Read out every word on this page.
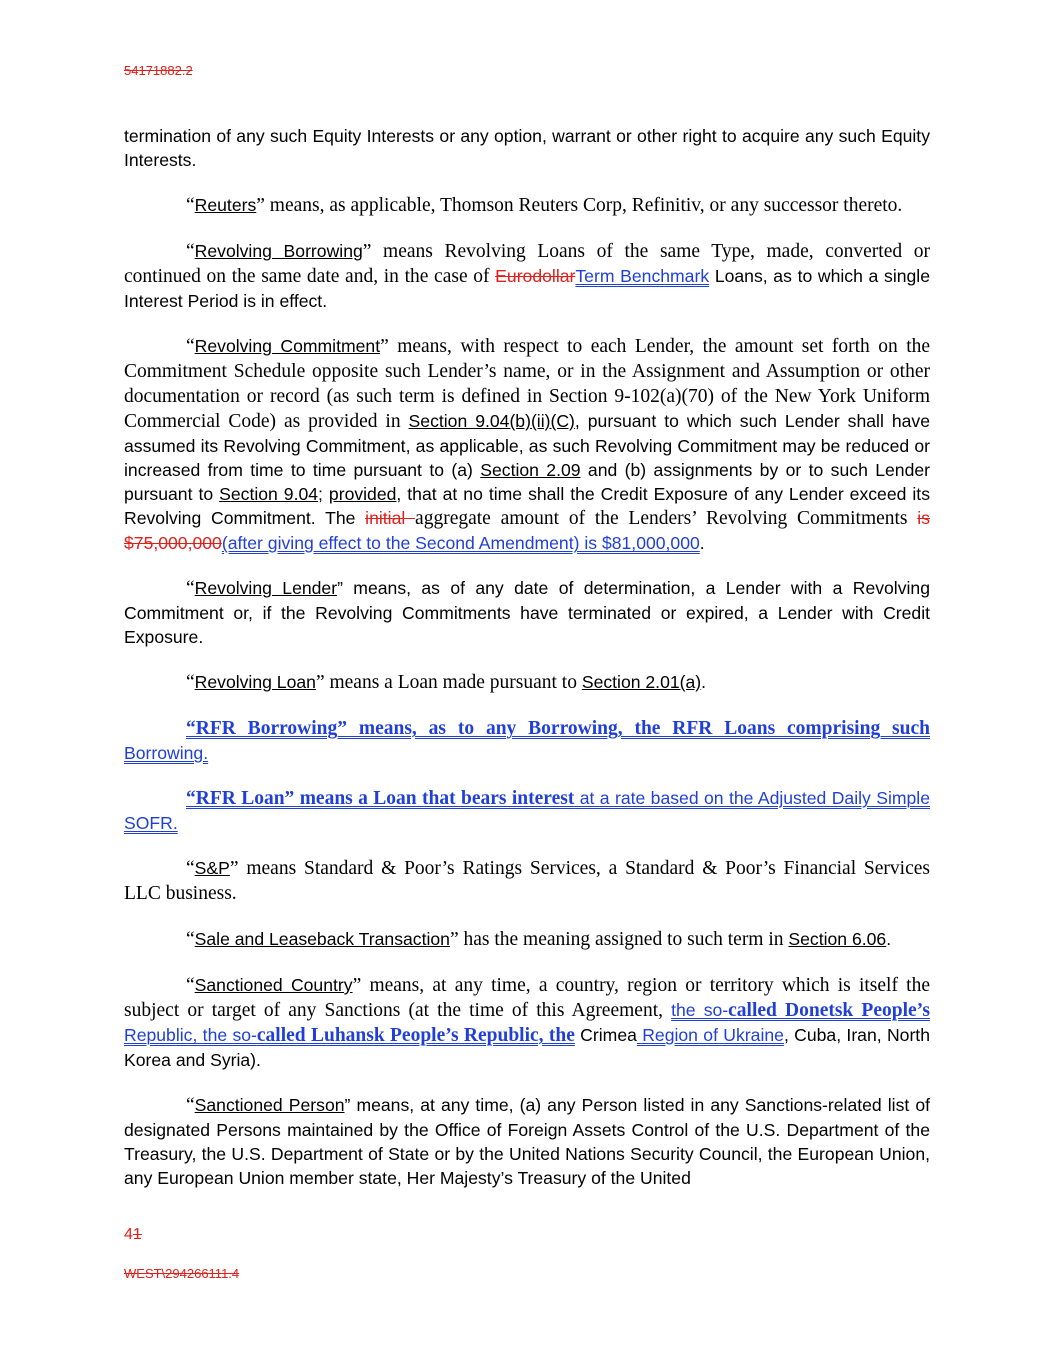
54171882.2

termination of any such Equity Interests or any option, warrant or other right to acquire any such Equity Interests.

“Reuters” means, as applicable, Thomson Reuters Corp, Refinitiv, or any successor thereto.

“Revolving Borrowing” means Revolving Loans of the same Type, made, converted or continued on the same date and, in the case of EurodollarTerm Benchmark Loans, as to which a single Interest Period is in effect.

“Revolving Commitment” means, with respect to each Lender, the amount set forth on the Commitment Schedule opposite such Lender’s name, or in the Assignment and Assumption or other documentation or record (as such term is defined in Section 9-102(a)(70) of the New York Uniform Commercial Code) as provided in Section 9.04(b)(ii)(C), pursuant to which such Lender shall have assumed its Revolving Commitment, as applicable, as such Revolving Commitment may be reduced or increased from time to time pursuant to (a) Section 2.09 and (b) assignments by or to such Lender pursuant to Section 9.04; provided, that at no time shall the Credit Exposure of any Lender exceed its Revolving Commitment. The initial aggregate amount of the Lenders’ Revolving Commitments is $75,000,000(after giving effect to the Second Amendment) is $81,000,000.

“Revolving Lender” means, as of any date of determination, a Lender with a Revolving Commitment or, if the Revolving Commitments have terminated or expired, a Lender with Credit Exposure.

“Revolving Loan” means a Loan made pursuant to Section 2.01(a).

“RFR Borrowing” means, as to any Borrowing, the RFR Loans comprising such Borrowing.

“RFR Loan” means a Loan that bears interest at a rate based on the Adjusted Daily Simple SOFR.

“S&P” means Standard & Poor’s Ratings Services, a Standard & Poor’s Financial Services LLC business.

“Sale and Leaseback Transaction” has the meaning assigned to such term in Section 6.06.

“Sanctioned Country” means, at any time, a country, region or territory which is itself the subject or target of any Sanctions (at the time of this Agreement, the so-called Donetsk People’s Republic, the so-called Luhansk People’s Republic, the Crimea Region of Ukraine, Cuba, Iran, North Korea and Syria).

“Sanctioned Person” means, at any time, (a) any Person listed in any Sanctions-related list of designated Persons maintained by the Office of Foreign Assets Control of the U.S. Department of the Treasury, the U.S. Department of State or by the United Nations Security Council, the European Union, any European Union member state, Her Majesty’s Treasury of the United

41
WEST\294266111.4
